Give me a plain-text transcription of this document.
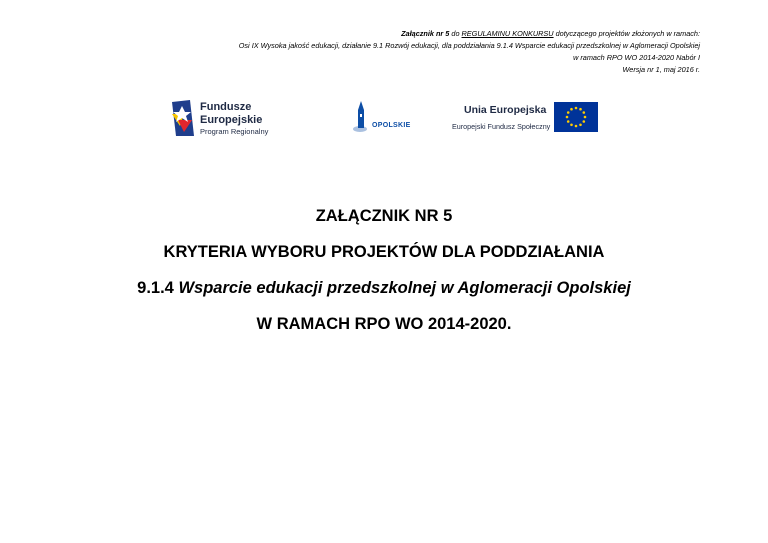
Załącznik nr 5 do REGULAMINU KONKURSU dotyczącego projektów złożonych w ramach:
Osi IX Wysoka jakość edukacji, działanie 9.1 Rozwój edukacji, dla poddziałania 9.1.4 Wsparcie edukacji przedszkolnej w Aglomeracji Opolskiej
w ramach RPO WO 2014-2020 Nabór I
Wersja nr 1, maj 2016 r.
Fundusze
Europejskie
Program Regionalny
OPOLSKIE
Unia Europejska
Europejski Fundusz Społeczny
ZAŁĄCZNIK NR 5
KRYTERIA WYBORU PROJEKTÓW DLA PODDZIAŁANIA
9.1.4 Wsparcie edukacji przedszkolnej w Aglomeracji Opolskiej
W RAMACH RPO WO 2014-2020.
